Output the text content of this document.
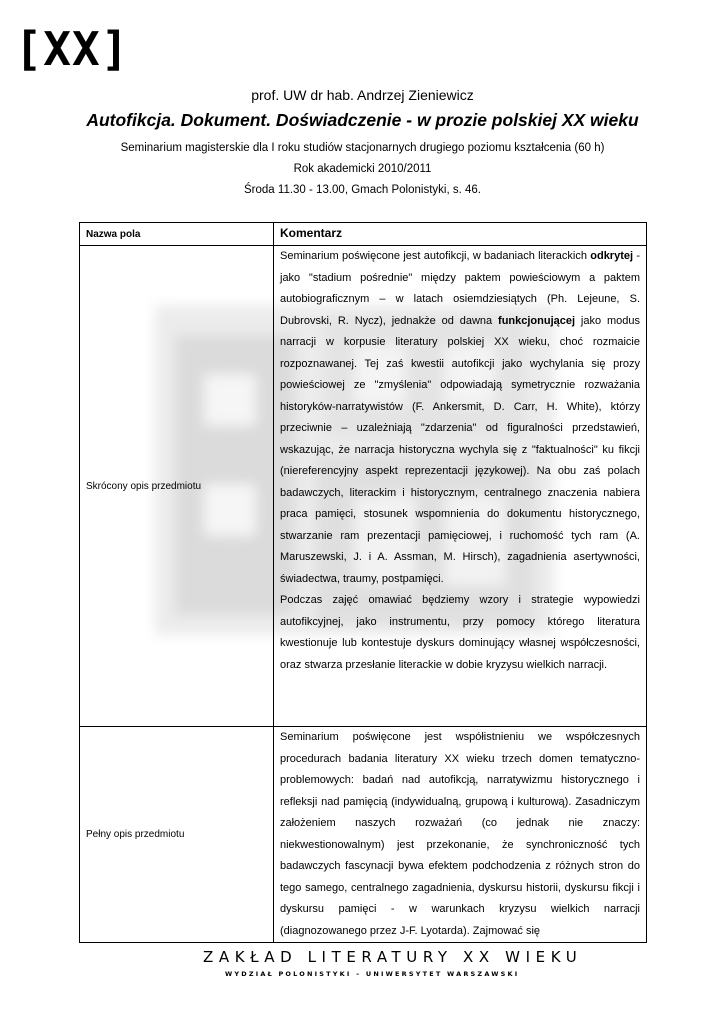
[XX]
prof. UW dr hab. Andrzej Zieniewicz
Autofikcja. Dokument. Doświadczenie - w prozie polskiej XX wieku
Seminarium magisterskie dla I roku studiów stacjonarnych drugiego poziomu kształcenia (60 h)
Rok akademicki 2010/2011
Środa 11.30 - 13.00, Gmach Polonistyki, s. 46.
Nazwa pola	Komentarz
Skrócony opis przedmiotu	Seminarium poświęcone jest autofikcji, w badaniach literackich odkrytej - jako "stadium pośrednie" między paktem powieściowym a paktem autobiograficznym – w latach osiemdziesiątych (Ph. Lejeune, S. Dubrovski, R. Nycz), jednakże od dawna funkcjonującej jako modus narracji w korpusie literatury polskiej XX wieku, choć rozmaicie rozpoznawanej. Tej zaś kwestii autofikcji jako wychylania się prozy powieściowej ze "zmyślenia" odpowiadają symetrycznie rozważania historyków-narratywistów (F. Ankersmit, D. Carr, H. White), którzy przeciwnie – uzależniają "zdarzenia" od figuralności przedstawień, wskazując, że narracja historyczna wychyla się z "faktualności" ku fikcji (niereferencyjny aspekt reprezentacji językowej). Na obu zaś polach badawczych, literackim i historycznym, centralnego znaczenia nabiera praca pamięci, stosunek wspomnienia do dokumentu historycznego, stwarzanie ram prezentacji pamięciowej, i ruchomość tych ram (A. Maruszewski, J. i A. Assman, M. Hirsch), zagadnienia asertywności, świadectwa, traumy, postpamięci.

Podczas zajęć omawiać będziemy wzory i strategie wypowiedzi autofikcyjnej, jako instrumentu, przy pomocy którego literatura kwestionuje lub kontestuje dyskurs dominujący własnej współczesności, oraz stwarza przesłanie literackie w dobie kryzysu wielkich narracji.

Pełny opis przedmiotu	Seminarium poświęcone jest współistnieniu we współczesnych procedurach badania literatury XX wieku trzech domen tematyczno-problemowych: badań nad autofikcją, narratywizmu historycznego i refleksji nad pamięcią (indywidualną, grupową i kulturową). Zasadniczym założeniem naszych rozważań (co jednak nie znaczy: niekwestionowalnym) jest przekonanie, że synchroniczność tych badawczych fascynacji bywa efektem podchodzenia z różnych stron do tego samego, centralnego zagadnienia, dyskursu historii, dyskursu fikcji i dyskursu pamięci - w warunkach kryzysu wielkich narracji (diagnozowanego przez J-F. Lyotarda). Zajmować się

ZAKŁAD LITERATURY XX WIEKU
WYDZIAŁ POLONISTYKI – UNIWERSYTET WARSZAWSKI
